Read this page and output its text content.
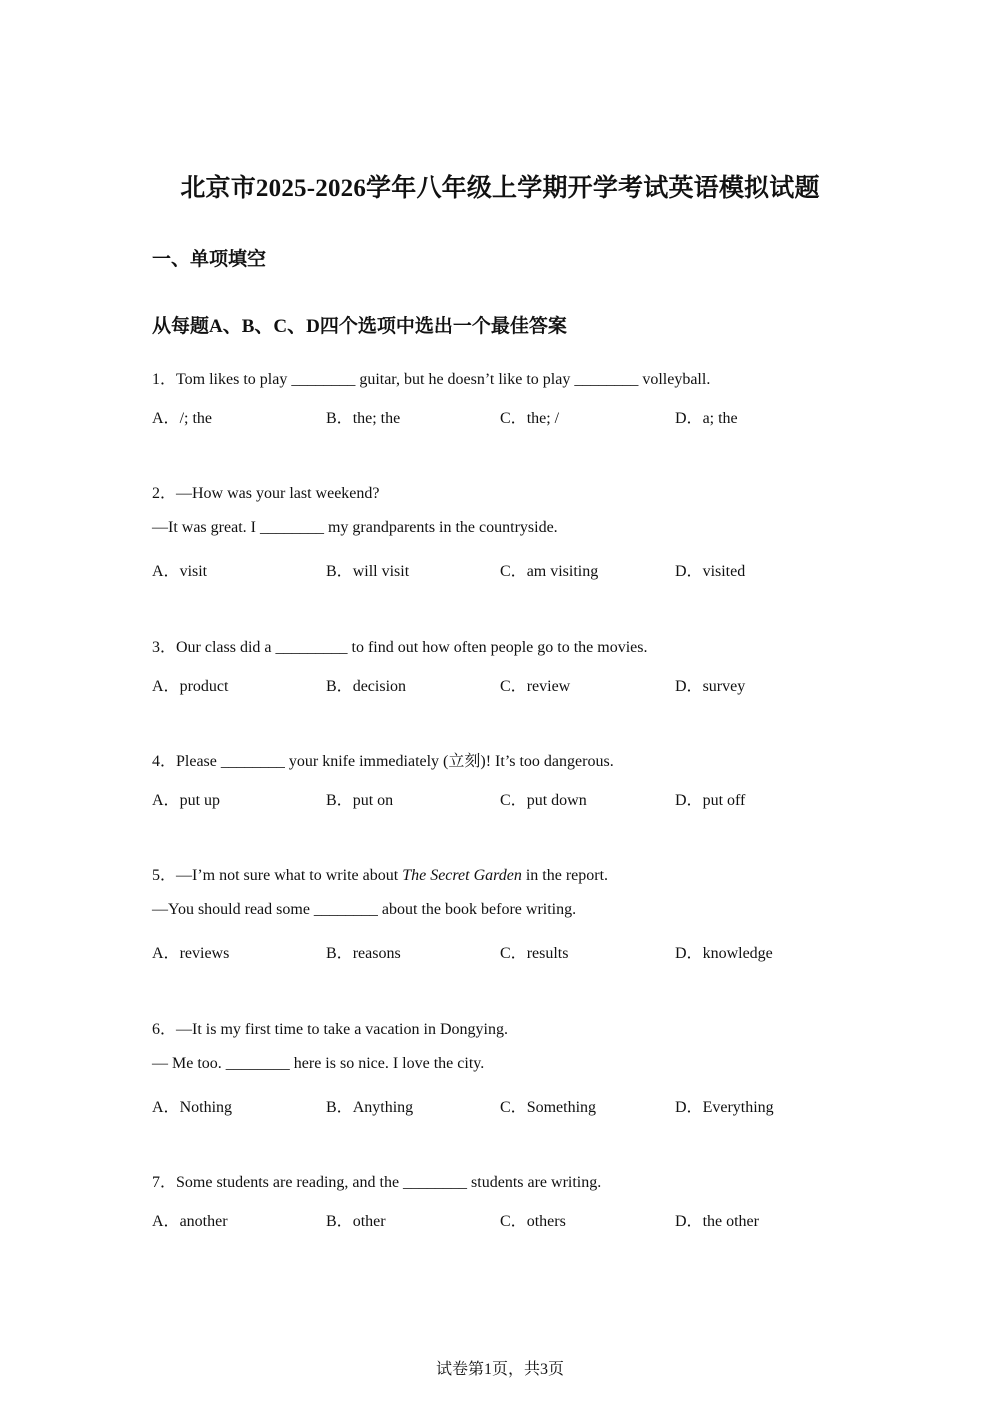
北京市2025-2026学年八年级上学期开学考试英语模拟试题
一、单项填空
从每题A、B、C、D四个选项中选出一个最佳答案
1．Tom likes to play ________ guitar, but he doesn’t like to play ________ volleyball.
A．/; the	B．the; the	C．the; /	D．a; the
2．—How was your last weekend?
—It was great. I ________ my grandparents in the countryside.
A．visit	B．will visit	C．am visiting	D．visited
3．Our class did a _________ to find out how often people go to the movies.
A．product	B．decision	C．review	D．survey
4．Please ________ your knife immediately (立刻)! It’s too dangerous.
A．put up	B．put on	C．put down	D．put off
5．—I’m not sure what to write about The Secret Garden in the report.
—You should read some ________ about the book before writing.
A．reviews	B．reasons	C．results	D．knowledge
6．—It is my first time to take a vacation in Dongying.
— Me too. ________ here is so nice. I love the city.
A．Nothing	B．Anything	C．Something	D．Everything
7．Some students are reading, and the ________ students are writing.
A．another	B．other	C．others	D．the other
试卷第1页，共3页
